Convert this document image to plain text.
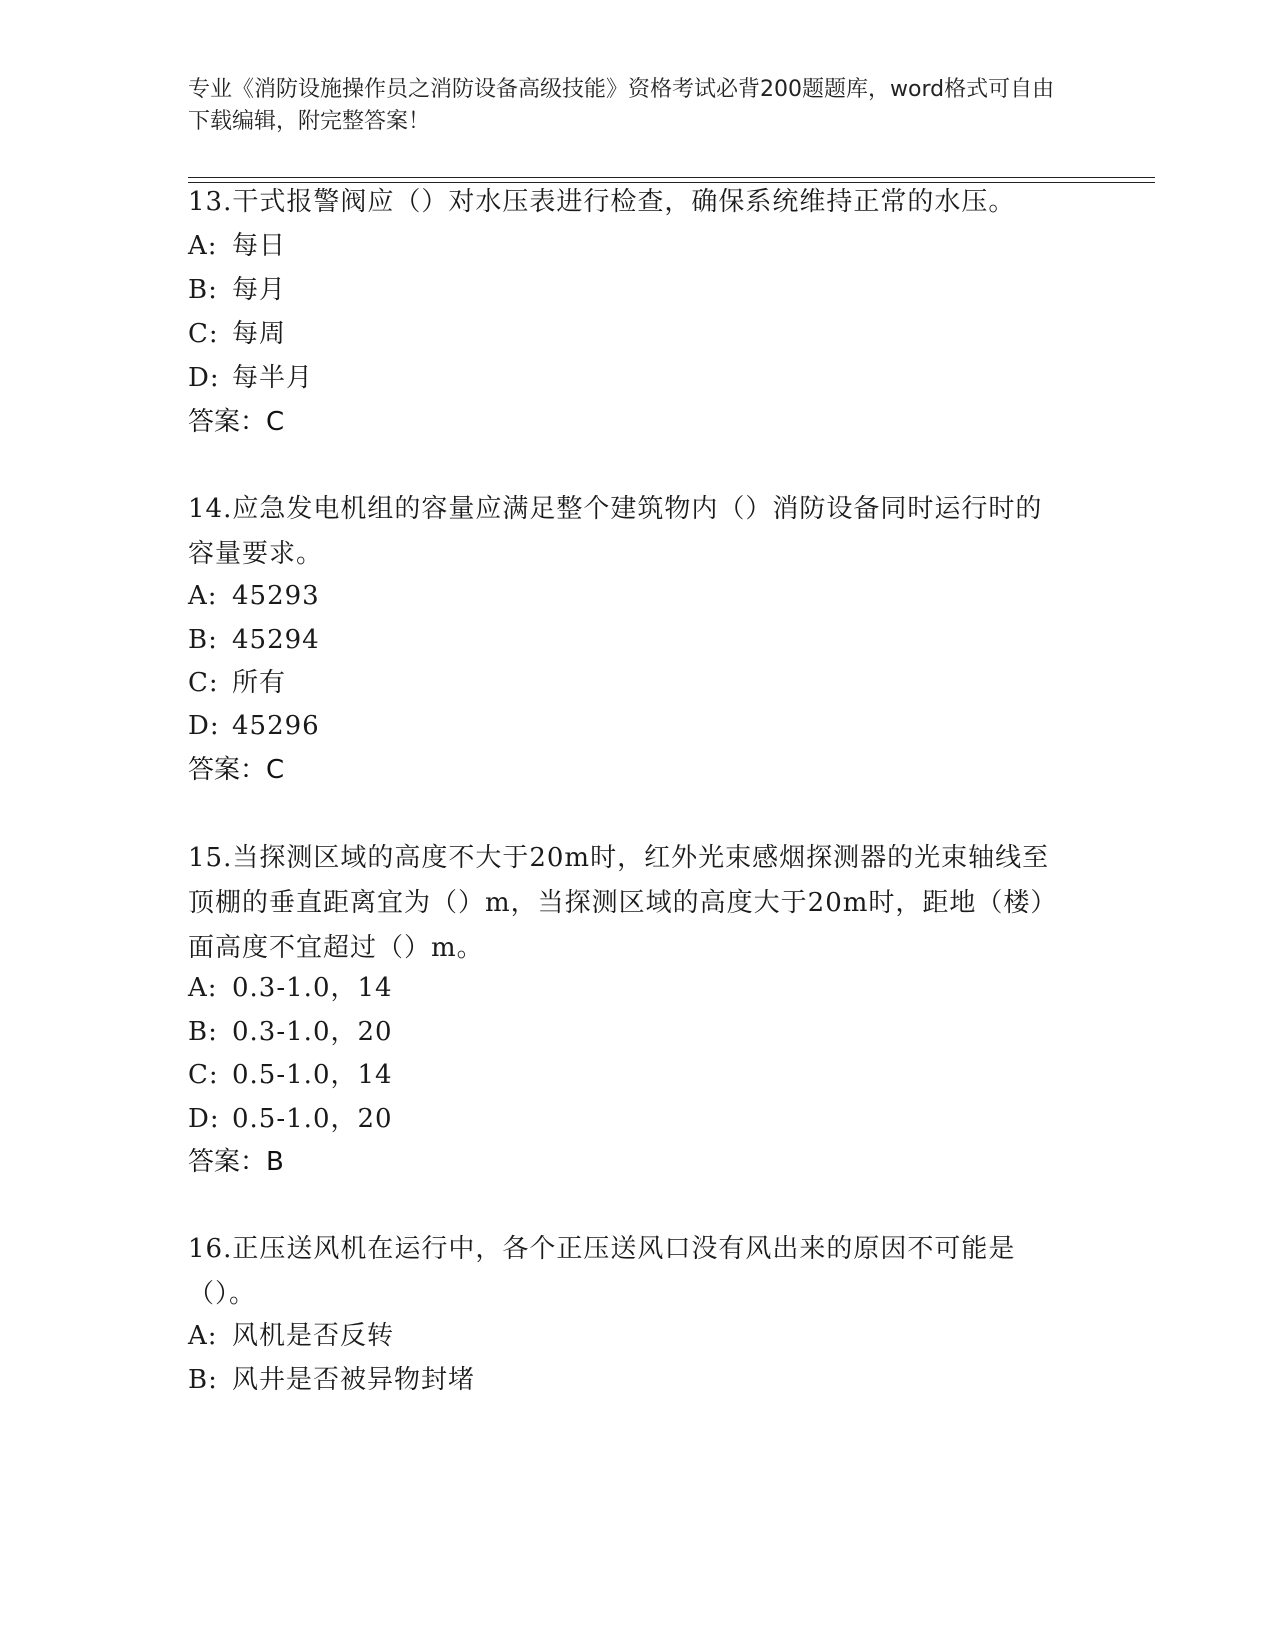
专业《消防设施操作员之消防设备高级技能》资格考试必背200题题库，word格式可自由下载编辑，附完整答案！
13.干式报警阀应（）对水压表进行检查，确保系统维持正常的水压。
A: 每日
B: 每月
C: 每周
D: 每半月
答案：C
14.应急发电机组的容量应满足整个建筑物内（）消防设备同时运行时的容量要求。
A: 45293
B: 45294
C: 所有
D: 45296
答案：C
15.当探测区域的高度不大于20m时，红外光束感烟探测器的光束轴线至顶棚的垂直距离宜为（）m，当探测区域的高度大于20m时，距地（楼）面高度不宜超过（）m。
A: 0.3-1.0，14
B: 0.3-1.0，20
C: 0.5-1.0，14
D: 0.5-1.0，20
答案：B
16.正压送风机在运行中，各个正压送风口没有风出来的原因不可能是（）。
A: 风机是否反转
B: 风井是否被异物封堵
